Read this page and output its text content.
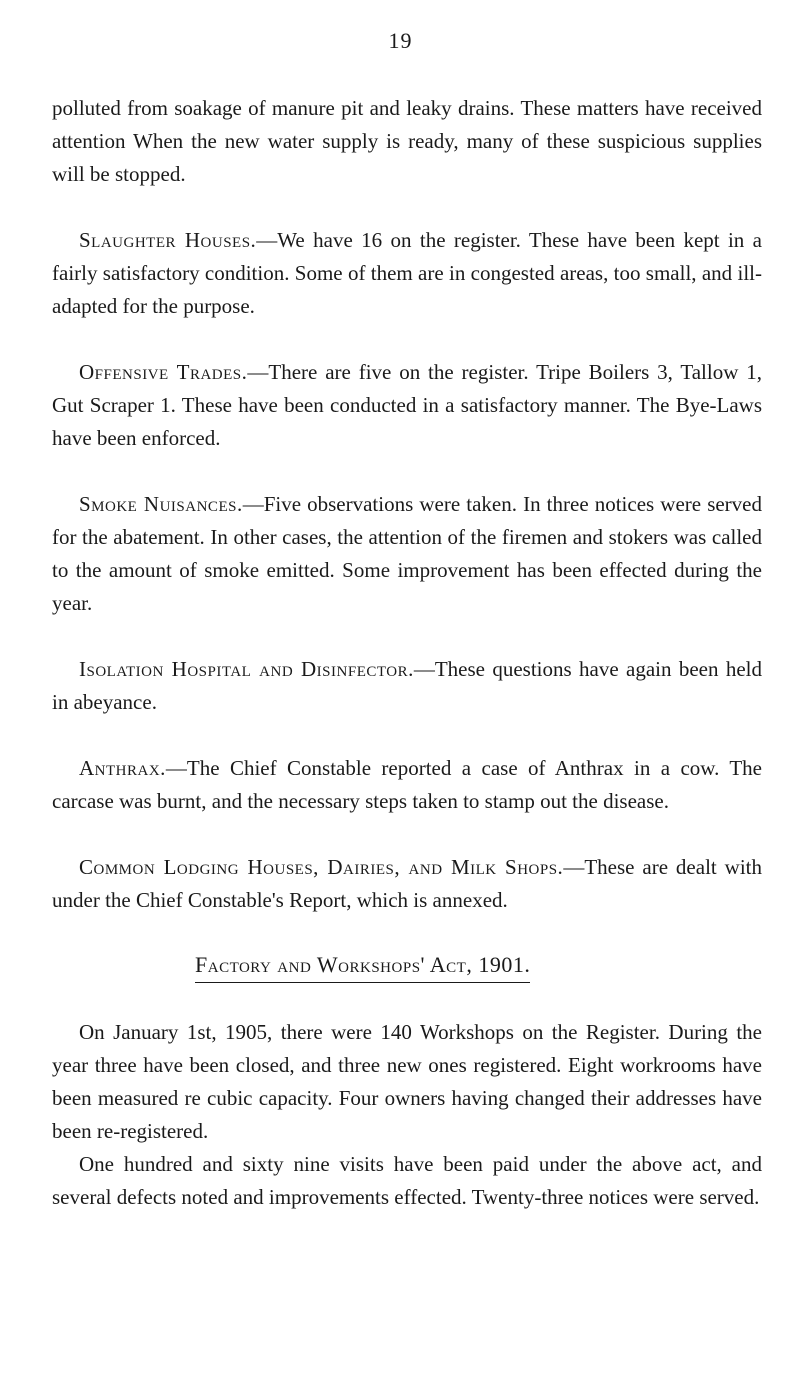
19

polluted from soakage of manure pit and leaky drains. These matters have received attention When the new water supply is ready, many of these suspicious supplies will be stopped.

Slaughter Houses.—We have 16 on the register. These have been kept in a fairly satisfactory condition. Some of them are in congested areas, too small, and ill-adapted for the purpose.

Offensive Trades.—There are five on the register. Tripe Boilers 3, Tallow 1, Gut Scraper 1. These have been conducted in a satisfactory manner. The Bye-Laws have been enforced.

Smoke Nuisances.—Five observations were taken. In three notices were served for the abatement. In other cases, the attention of the firemen and stokers was called to the amount of smoke emitted. Some improvement has been effected during the year.

Isolation Hospital and Disinfector.—These questions have again been held in abeyance.

Anthrax.—The Chief Constable reported a case of Anthrax in a cow. The carcase was burnt, and the necessary steps taken to stamp out the disease.

Common Lodging Houses, Dairies, and Milk Shops.—These are dealt with under the Chief Constable's Report, which is annexed.

Factory and Workshops' Act, 1901.

On January 1st, 1905, there were 140 Workshops on the Register. During the year three have been closed, and three new ones registered. Eight workrooms have been measured re cubic capacity. Four owners having changed their addresses have been re-registered.

One hundred and sixty nine visits have been paid under the above act, and several defects noted and improvements effected. Twenty-three notices were served.
